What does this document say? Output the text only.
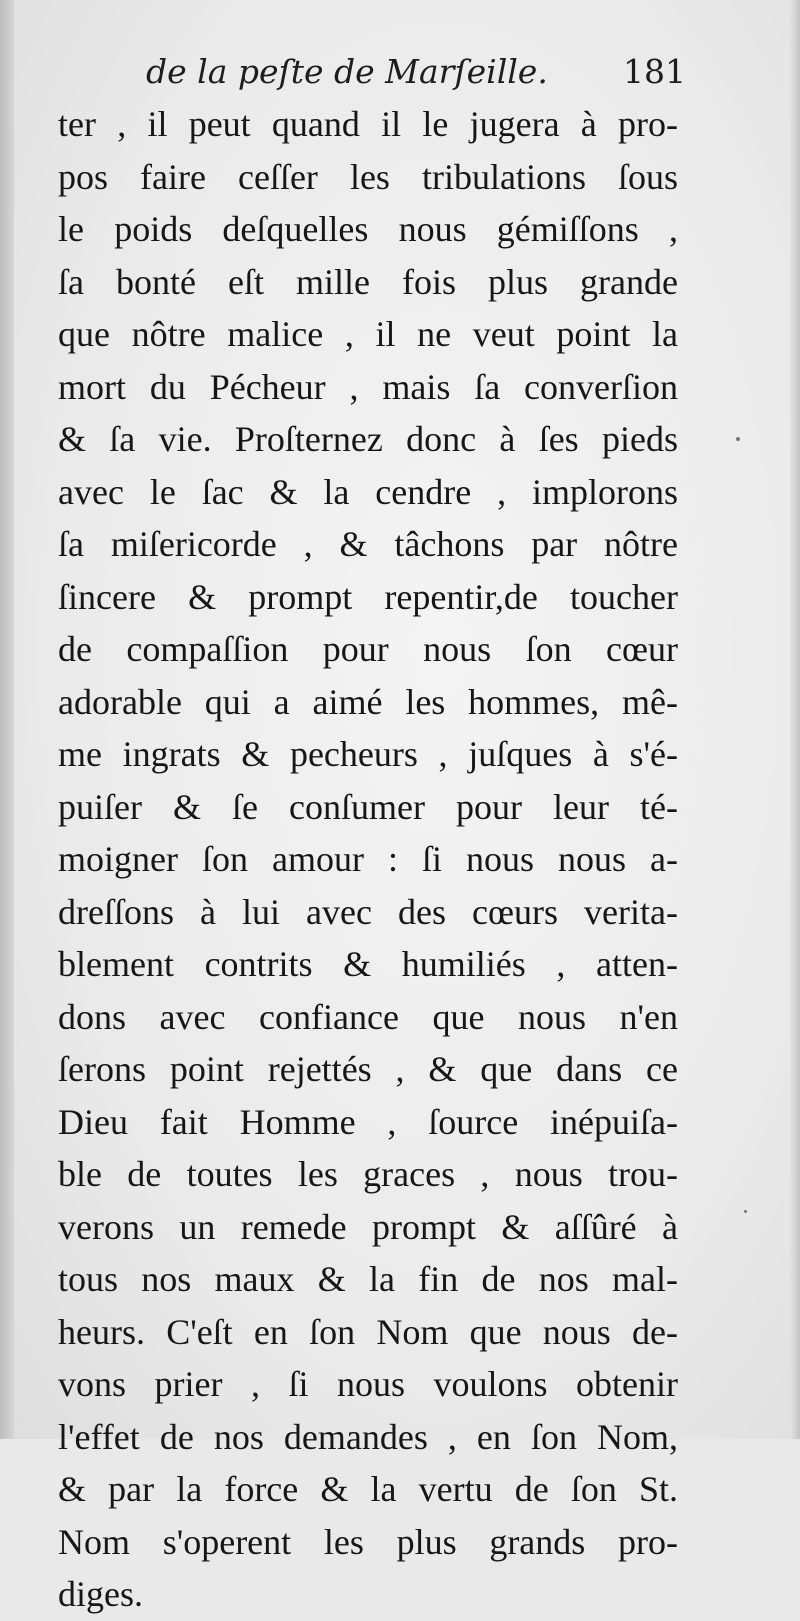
de la peſte de Marſeille. 181
ter , il peut quand il le jugera à pro-
pos faire ceſſer les tribulations ſous
le poids deſquelles nous gémiſſons ,
ſa bonté eſt mille fois plus grande
que nôtre malice , il ne veut point la
mort du Pécheur , mais ſa converſion
& ſa vie. Proſternez donc à ſes pieds
avec le ſac & la cendre , implorons
ſa miſericorde , & tâchons par nôtre
ſincere & prompt repentir,de toucher
de compaſſion pour nous ſon cœur
adorable qui a aimé les hommes, mê-
me ingrats & pecheurs , juſques à s'é-
puiſer & ſe conſumer pour leur té-
moigner ſon amour : ſi nous nous a-
dreſſons à lui avec des cœurs verita-
blement contrits & humiliés , atten-
dons avec confiance que nous n'en
ſerons point rejettés , & que dans ce
Dieu fait Homme , ſource inépuiſa-
ble de toutes les graces , nous trou-
verons un remede prompt & aſſûré à
tous nos maux & la fin de nos mal-
heurs. C'eſt en ſon Nom que nous de-
vons prier , ſi nous voulons obtenir
l'effet de nos demandes , en ſon Nom,
& par la force & la vertu de ſon St.
Nom s'operent les plus grands pro-
diges.
